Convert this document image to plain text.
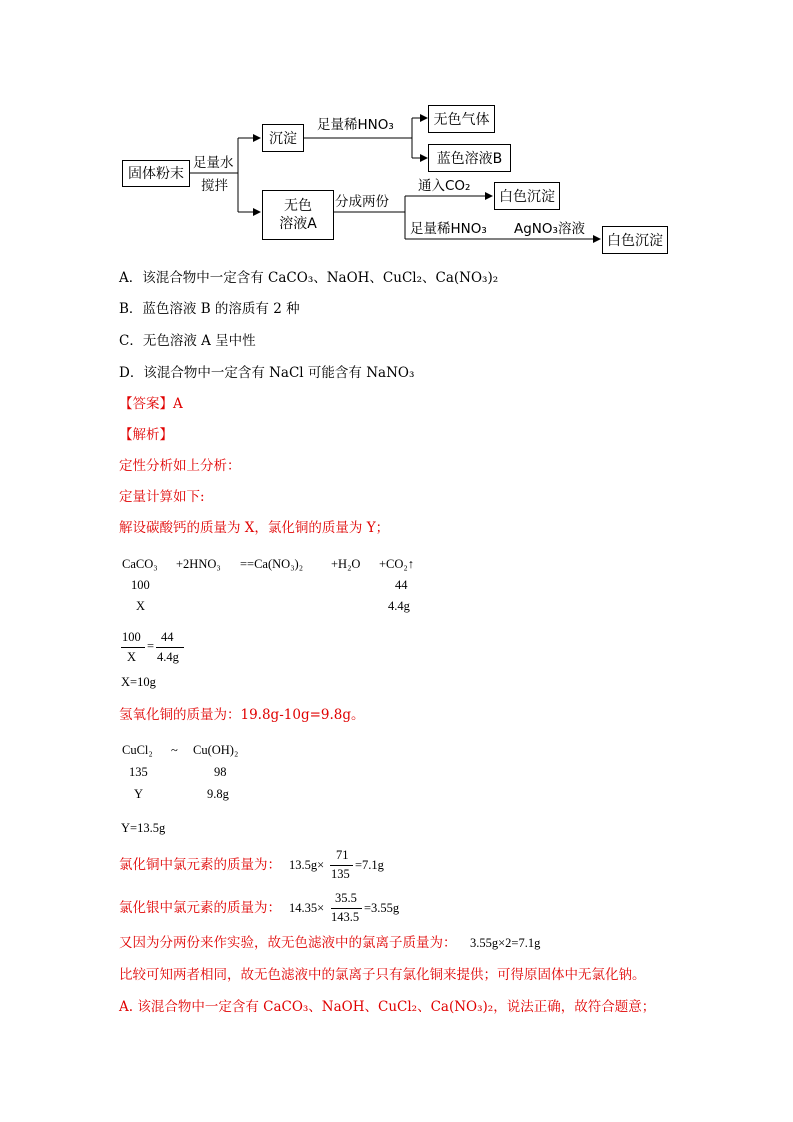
固体粉末
足量水
搅拌
沉淀
足量稀HNO₃	无色气体
蓝色溶液B
无色
溶液A
分成两份
通入CO₂
白色沉淀
足量稀HNO₃ AgNO₃溶液
白色沉淀
A．该混合物中一定含有 CaCO₃、NaOH、CuCl₂、Ca(NO₃)₂
B．蓝色溶液 B 的溶质有 2 种
C．无色溶液 A 呈中性
D．该混合物中一定含有 NaCl 可能含有 NaNO₃
【答案】A
【解析】
定性分析如上分析：
定量计算如下:
解设碳酸钙的质量为 X，氯化铜的质量为 Y；
CaCO₃ +2HNO₃ ==Ca(NO₃)₂ +H₂O +CO₂↑
100	44
X	4.4g
100
X
=
44
4.4g
X=10g
氢氧化铜的质量为：19.8g-10g=9.8g。
CuCl₂ ~ Cu(OH)₂
135	98
Y	9.8g
Y=13.5g
氯化铜中氯元素的质量为： 13.5g×
71
135
=7.1g
氯化银中氯元素的质量为： 14.35×
35.5
143.5
=3.55g
又因为分两份来作实验，故无色滤液中的氯离子质量为： 3.55g×2=7.1g
比较可知两者相同，故无色滤液中的氯离子只有氯化铜来提供；可得原固体中无氯化钠。
A. 该混合物中一定含有 CaCO₃、NaOH、CuCl₂、Ca(NO₃)₂，说法正确，故符合题意；
